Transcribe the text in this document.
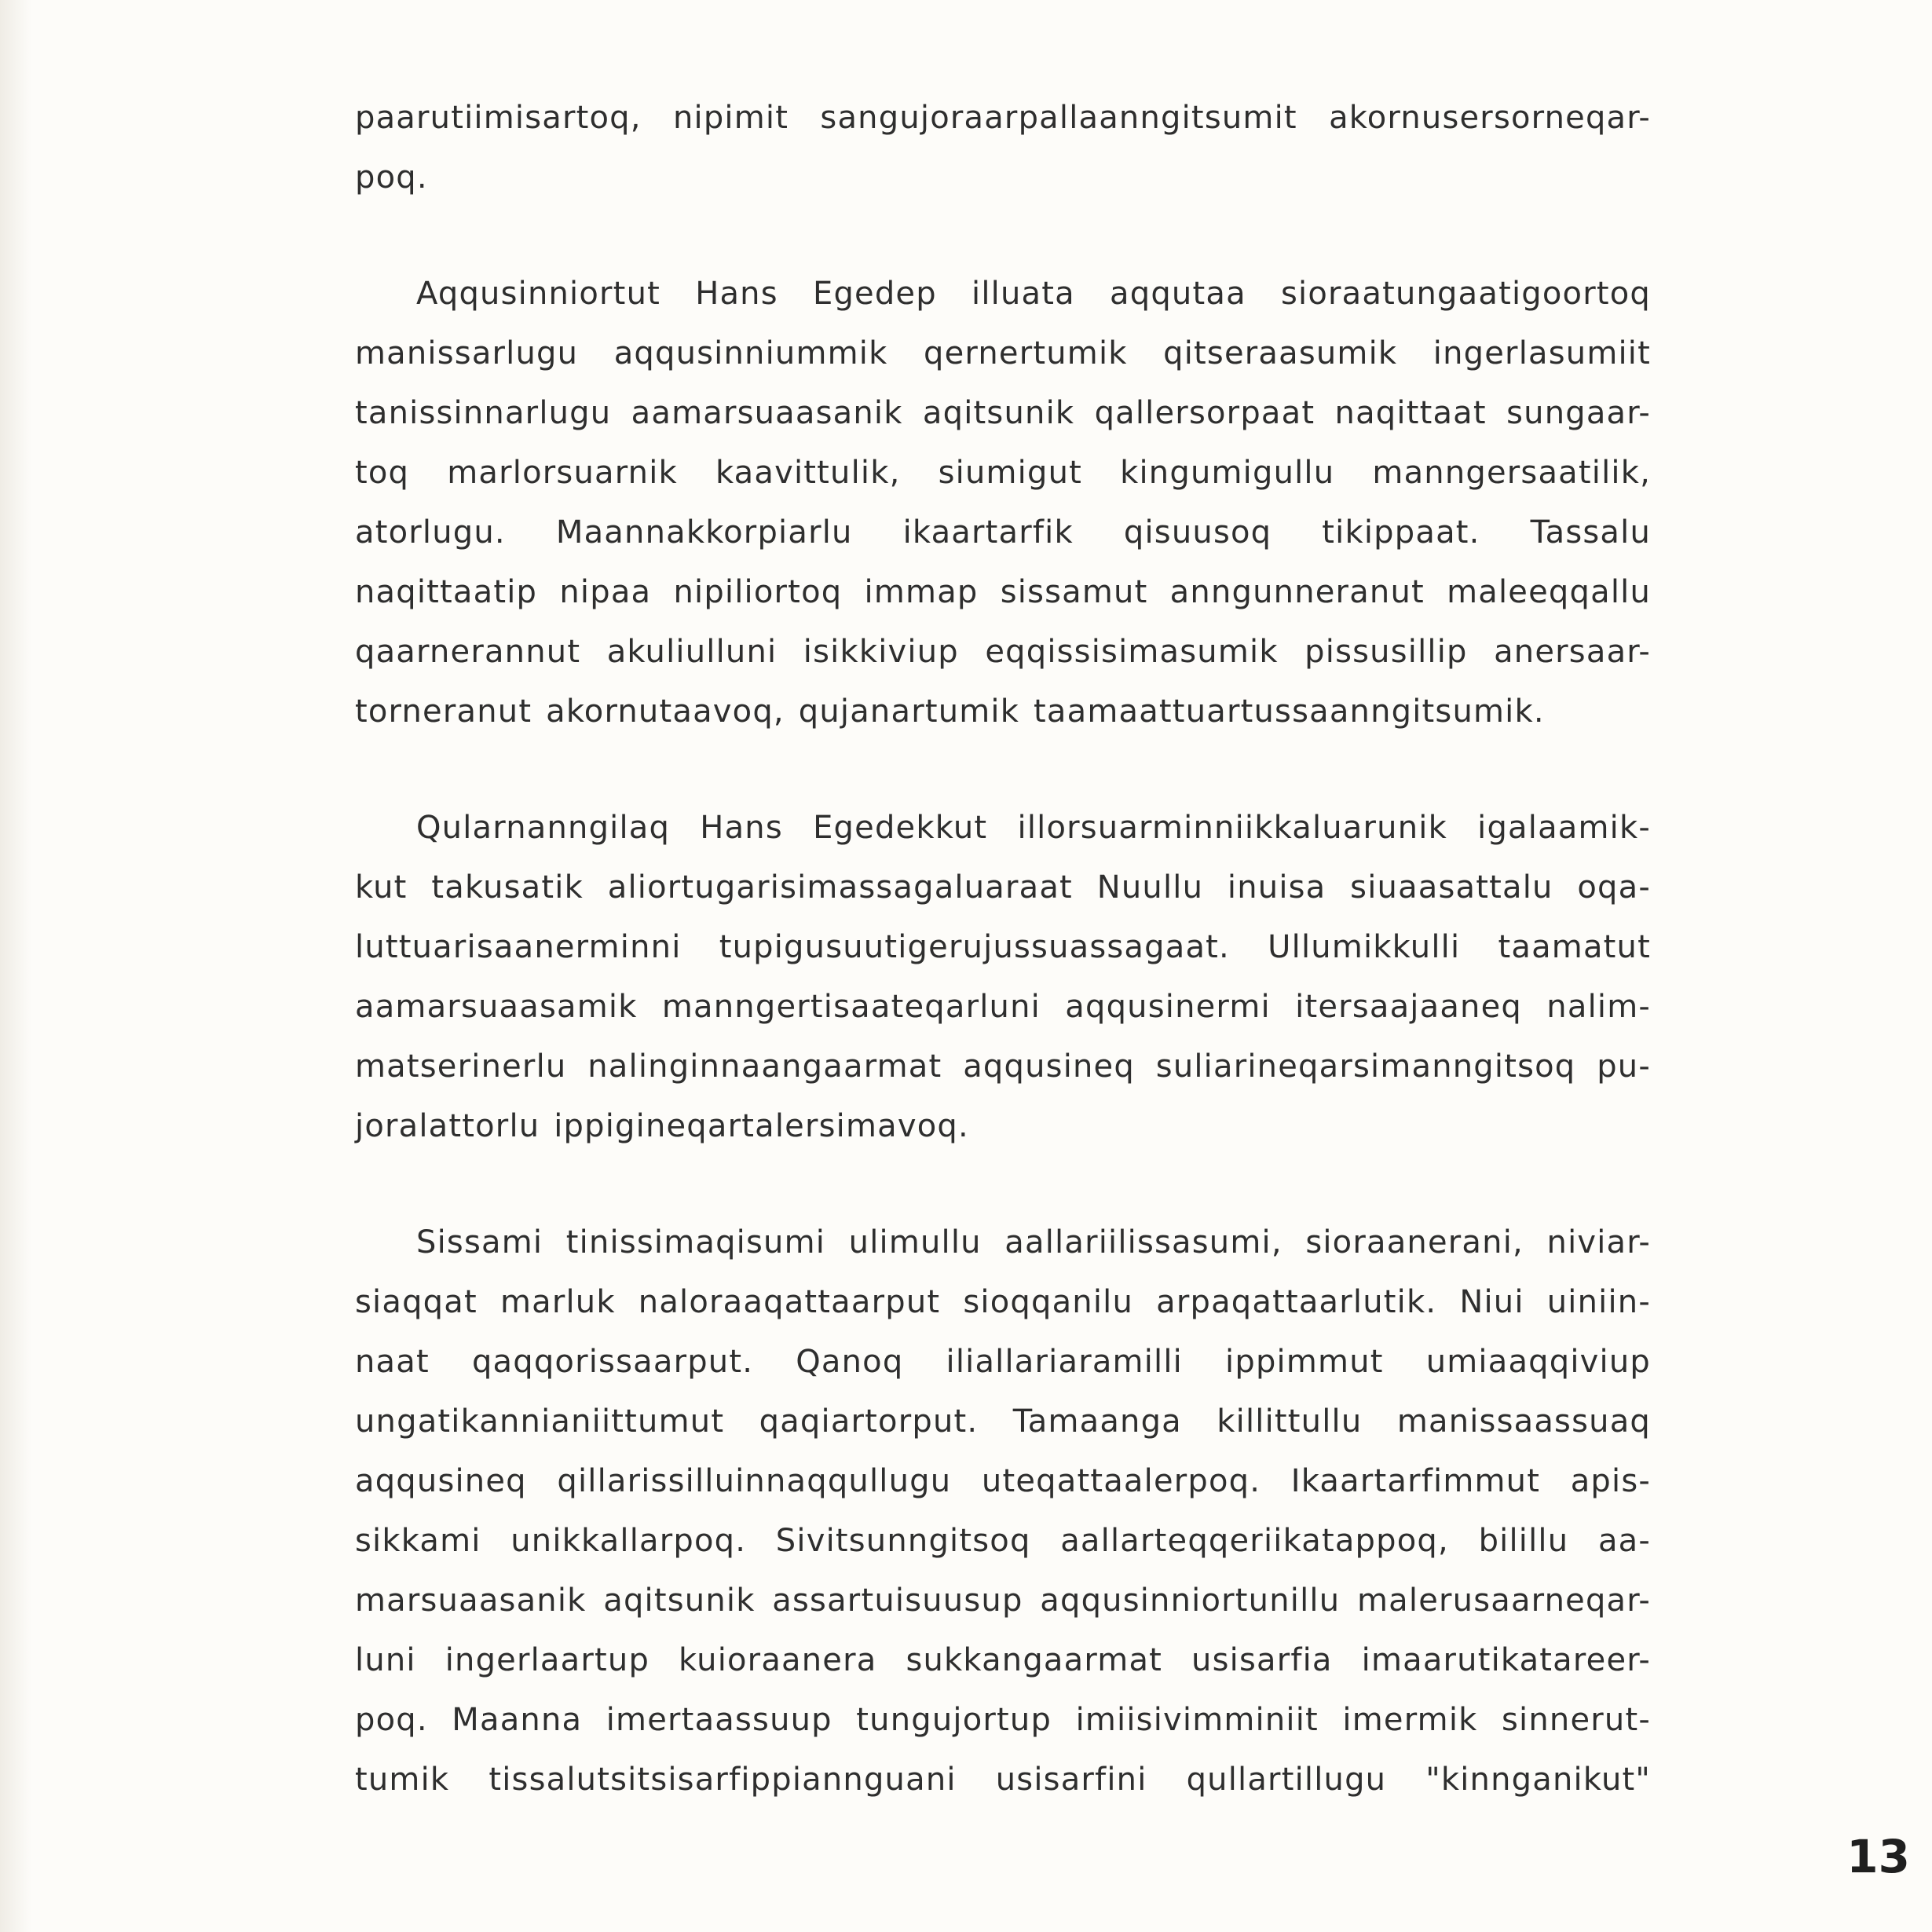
paarutiimisartoq, nipimit sangujoraarpallaanngitsumit akornusersorneqar-
poq.

Aqqusinniortut Hans Egedep illuata aqqutaa sioraatungaatigoortoq
manissarlugu aqqusinniummik qernertumik qitseraasumik ingerlasumiit
tanissinnarlugu aamarsuaasanik aqitsunik qallersorpaat naqittaat sungaar-
toq marlorsuarnik kaavittulik, siumigut kingumigullu manngersaatilik,
atorlugu. Maannakkorpiarlu ikaartarfik qisuusoq tikippaat. Tassalu
naqittaatip nipaa nipiliortoq immap sissamut anngunneranut maleeqqallu
qaarnerannut akuliulluni isikkiviup eqqissisimasumik pissusillip anersaar-
torneranut akornutaavoq, qujanartumik taamaattuartussaanngitsumik.

Qularnanngilaq Hans Egedekkut illorsuarminniikkaluarunik igalaamik-
kut takusatik aliortugarisimassagaluaraat Nuullu inuisa siuaasattalu oqa-
luttuarisaanerminni tupigusuutigerujussuassagaat. Ullumikkulli taamatut
aamarsuaasamik manngertisaateqarluni aqqusinermi itersaajaaneq nalim-
matserinerlu nalinginnaangaarmat aqqusineq suliarineqarsimanngitsoq pu-
joralattorlu ippigineqartalersimavoq.

Sissami tinissimaqisumi ulimullu aallariilissasumi, sioraanerani, niviar-
siaqqat marluk naloraaqattaarput sioqqanilu arpaqattaarlutik. Niui uiniin-
naat qaqqorissaarput. Qanoq iliallariaramilli ippimmut umiaaqqiviup
ungatikannianiittumut qaqiartorput. Tamaanga killittullu manissaassuaq
aqqusineq qillarissilluinnaqqullugu uteqattaalerpoq. Ikaartarfimmut apis-
sikkami unikkallarpoq. Sivitsunngitsoq aallarteqqeriikatappoq, bilillu aa-
marsuaasanik aqitsunik assartuisuusup aqqusinniortunillu malerusaarneqar-
luni ingerlaartup kuioraanera sukkangaarmat usisarfia imaarutikatareer-
poq. Maanna imertaassuup tungujortup imiisivimminiit imermik sinnerut-
tumik tissalutsitsisarfippiannguani usisarfini qullartillugu "kinnganikut"

13
